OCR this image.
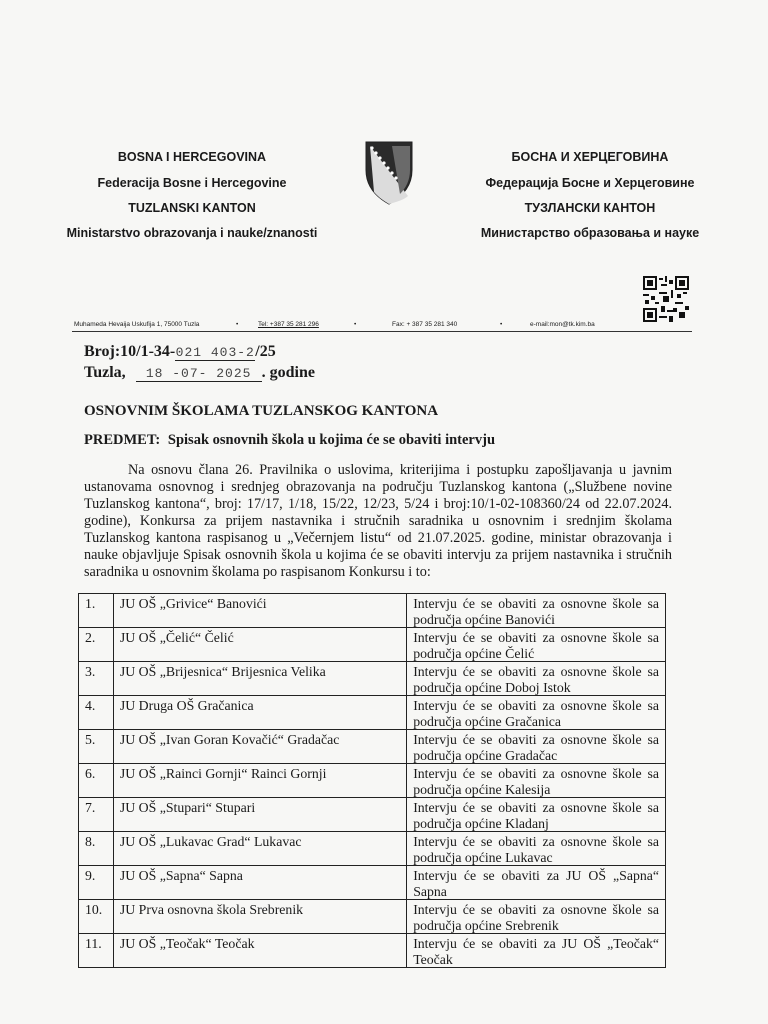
BOSNA I HERCEGOVINA
Federacija Bosne i Hercegovine
TUZLANSKI KANTON
Ministarstvo obrazovanja i nauke/znanosti
БОСНА И ХЕРЦЕГОВИНА
Федерација Босне и Херцеговине
ТУЗЛАНСКИ КАНТОН
Министарство образовања и науке
Muhameda Hevaija Uskufija 1, 75000 Tuzla	•	Tel: +387 35 281 296	•	Fax: + 387 35 281 340	•	e-mail:mon@tk.kim.ba
Broj:10/1-34-021 403-2/25
Tuzla, 18 -07- 2025 . godine
OSNOVNIM ŠKOLAMA TUZLANSKOG KANTONA
PREDMET: Spisak osnovnih škola u kojima će se obaviti intervju
Na osnovu člana 26. Pravilnika o uslovima, kriterijima i postupku zapošljavanja u javnim ustanovama osnovnog i srednjeg obrazovanja na području Tuzlanskog kantona („Službene novine Tuzlanskog kantona“, broj: 17/17, 1/18, 15/22, 12/23, 5/24 i broj:10/1-02-108360/24 od 22.07.2024. godine), Konkursa za prijem nastavnika i stručnih saradnika u osnovnim i srednjim školama Tuzlanskog kantona raspisanog u „Večernjem listu“ od 21.07.2025. godine, ministar obrazovanja i nauke objavljuje Spisak osnovnih škola u kojima će se obaviti intervju za prijem nastavnika i stručnih saradnika u osnovnim školama po raspisanom Konkursu i to:
1.	JU OŠ „Grivice“ Banovići	Intervju će se obaviti za osnovne škole sa područja općine Banovići
2.	JU OŠ „Čelić“ Čelić	Intervju će se obaviti za osnovne škole sa područja općine Čelić
3.	JU OŠ „Brijesnica“ Brijesnica Velika	Intervju će se obaviti za osnovne škole sa područja općine Doboj Istok
4.	JU Druga OŠ Gračanica	Intervju će se obaviti za osnovne škole sa područja općine Gračanica
5.	JU OŠ „Ivan Goran Kovačić“ Gradačac	Intervju će se obaviti za osnovne škole sa područja općine Gradačac
6.	JU OŠ „Rainci Gornji“ Rainci Gornji	Intervju će se obaviti za osnovne škole sa područja općine Kalesija
7.	JU OŠ „Stupari“ Stupari	Intervju će se obaviti za osnovne škole sa područja općine Kladanj
8.	JU OŠ „Lukavac Grad“ Lukavac	Intervju će se obaviti za osnovne škole sa područja općine Lukavac
9.	JU OŠ „Sapna“ Sapna	Intervju će se obaviti za JU OŠ „Sapna“ Sapna
10.	JU Prva osnovna škola Srebrenik	Intervju će se obaviti za osnovne škole sa područja općine Srebrenik
11.	JU OŠ „Teočak“ Teočak	Intervju će se obaviti za JU OŠ „Teočak“ Teočak
